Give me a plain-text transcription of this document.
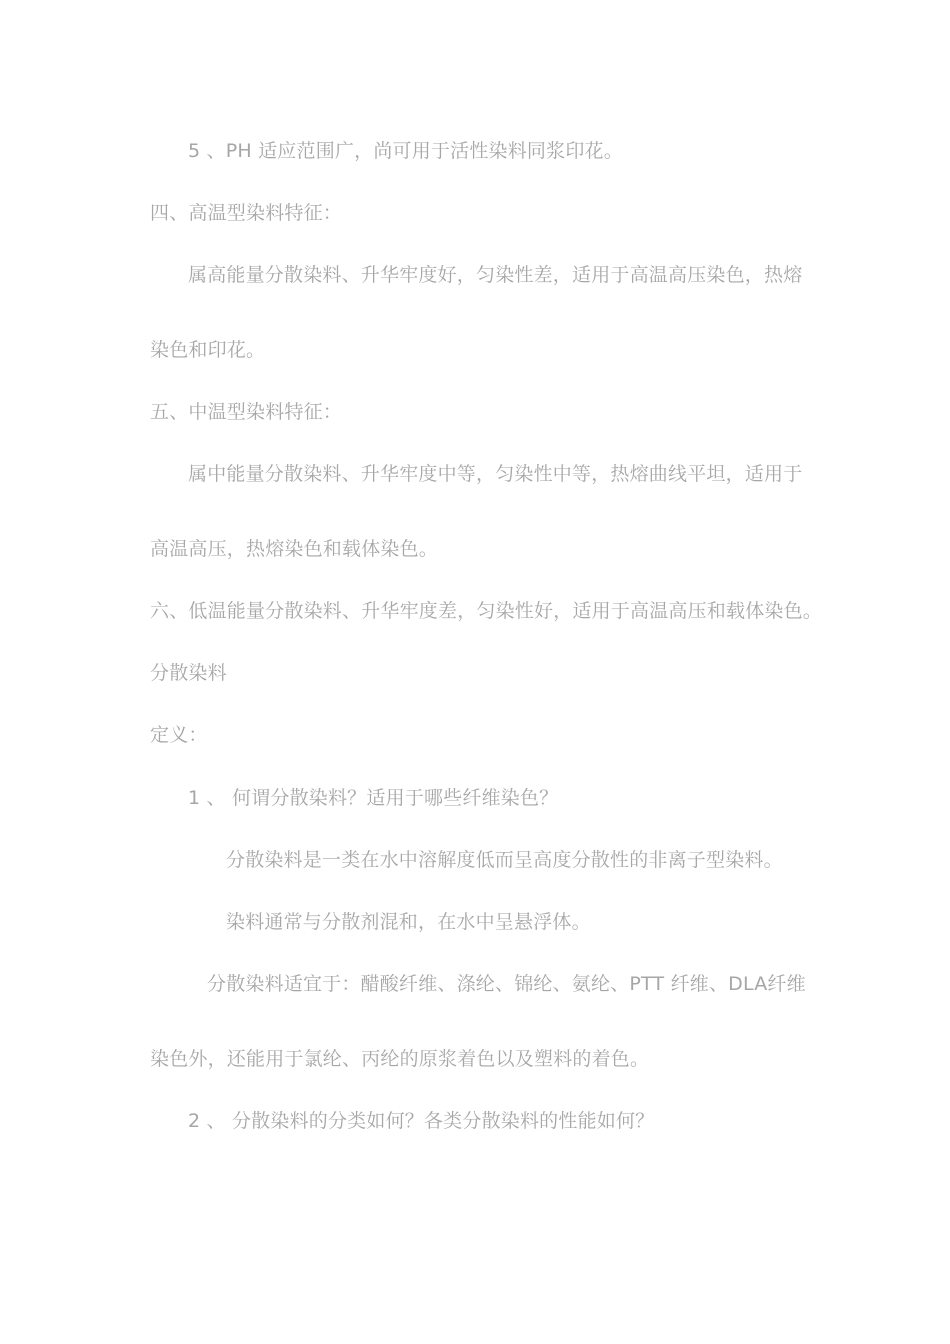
5 、PH 适应范围广，尚可用于活性染料同浆印花。
四、高温型染料特征：
属高能量分散染料、升华牢度好，匀染性差，适用于高温高压染色，热熔
染色和印花。
五、中温型染料特征：
属中能量分散染料、升华牢度中等，匀染性中等，热熔曲线平坦，适用于
高温高压，热熔染色和载体染色。
六、低温能量分散染料、升华牢度差，匀染性好，适用于高温高压和载体染色。
分散染料
定义：
1 、 何谓分散染料？适用于哪些纤维染色？
分散染料是一类在水中溶解度低而呈高度分散性的非离子型染料。
染料通常与分散剂混和，在水中呈悬浮体。
分散染料适宜于：醋酸纤维、涤纶、锦纶、氨纶、PTT 纤维、DLA纤维
染色外，还能用于氯纶、丙纶的原浆着色以及塑料的着色。
2 、 分散染料的分类如何？各类分散染料的性能如何？
